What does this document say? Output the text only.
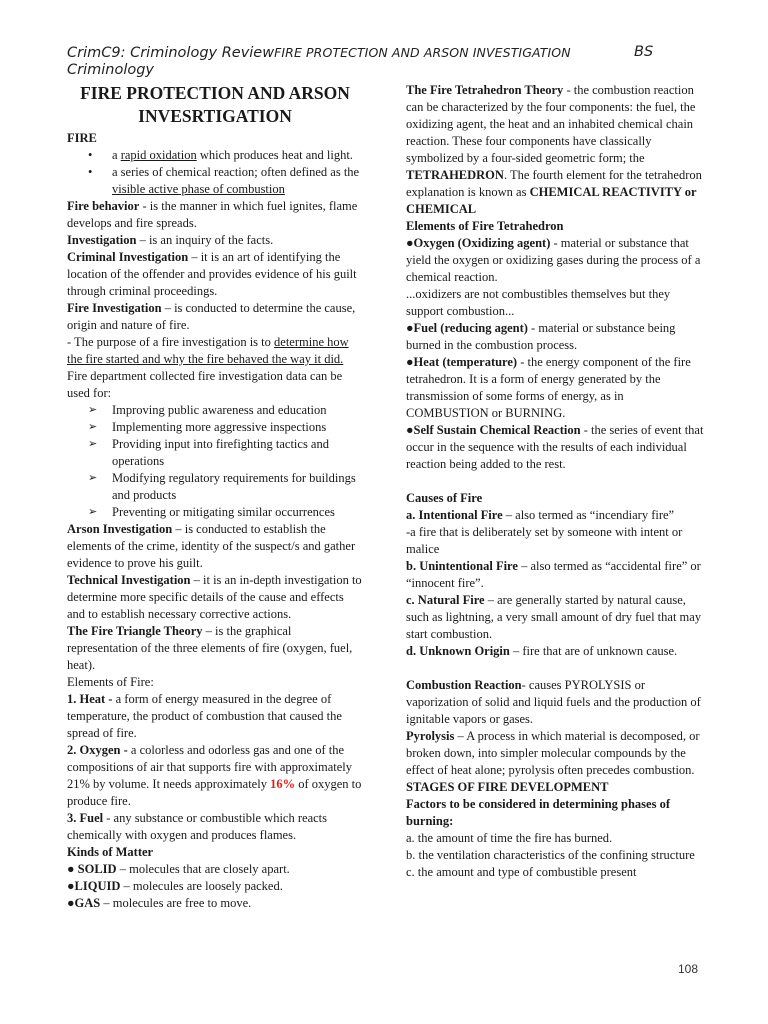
CrimC9: Criminology ReviewFIRE PROTECTION AND ARSON INVESTIGATION	BS
Criminology
FIRE PROTECTION AND ARSON INVESRTIGATION

FIRE

• a rapid oxidation which produces heat and light.
• a series of chemical reaction; often defined as the visible active phase of combustion

Fire behavior - is the manner in which fuel ignites, flame develops and fire spreads.

Investigation – is an inquiry of the facts.

Criminal Investigation – it is an art of identifying the location of the offender and provides evidence of his guilt through criminal proceedings.

Fire Investigation – is conducted to determine the cause, origin and nature of fire.

- The purpose of a fire investigation is to determine how the fire started and why the fire behaved the way it did.

Fire department collected fire investigation data can be used for:

➢ Improving public awareness and education
➢ Implementing more aggressive inspections
➢ Providing input into firefighting tactics and operations
➢ Modifying regulatory requirements for buildings and products
➢ Preventing or mitigating similar occurrences

Arson Investigation – is conducted to establish the elements of the crime, identity of the suspect/s and gather evidence to prove his guilt.

Technical Investigation – it is an in-depth investigation to determine more specific details of the cause and effects and to establish necessary corrective actions.

The Fire Triangle Theory – is the graphical representation of the three elements of fire (oxygen, fuel, heat).

Elements of Fire:

1. Heat - a form of energy measured in the degree of temperature, the product of combustion that caused the spread of fire.

2. Oxygen - a colorless and odorless gas and one of the compositions of air that supports fire with approximately 21% by volume. It needs approximately 16% of oxygen to produce fire.

3. Fuel - any substance or combustible which reacts chemically with oxygen and produces flames.

Kinds of Matter

● SOLID – molecules that are closely apart.

●LIQUID – molecules are loosely packed.

●GAS – molecules are free to move.

The Fire Tetrahedron Theory - the combustion reaction can be characterized by the four components: the fuel, the oxidizing agent, the heat and an inhabited chemical chain reaction. These four components have classically symbolized by a four-sided geometric form; the TETRAHEDRON. The fourth element for the tetrahedron explanation is known as CHEMICAL REACTIVITY or CHEMICAL

Elements of Fire Tetrahedron

●Oxygen (Oxidizing agent) - material or substance that yield the oxygen or oxidizing gases during the process of a chemical reaction.

...oxidizers are not combustibles themselves but they support combustion...

●Fuel (reducing agent) - material or substance being burned in the combustion process.

●Heat (temperature) - the energy component of the fire tetrahedron. It is a form of energy generated by the transmission of some forms of energy, as in COMBUSTION or BURNING.

●Self Sustain Chemical Reaction - the series of event that occur in the sequence with the results of each individual reaction being added to the rest.

Causes of Fire

a. Intentional Fire – also termed as “incendiary fire”

-a fire that is deliberately set by someone with intent or malice

b. Unintentional Fire – also termed as “accidental fire” or “innocent fire”.

c. Natural Fire – are generally started by natural cause, such as lightning, a very small amount of dry fuel that may start combustion.

d. Unknown Origin – fire that are of unknown cause.

Combustion Reaction- causes PYROLYSIS or vaporization of solid and liquid fuels and the production of ignitable vapors or gases.

Pyrolysis – A process in which material is decomposed, or broken down, into simpler molecular compounds by the effect of heat alone; pyrolysis often precedes combustion.

STAGES OF FIRE DEVELOPMENT

Factors to be considered in determining phases of burning:

a. the amount of time the fire has burned.

b. the ventilation characteristics of the confining structure

c. the amount and type of combustible present

108
